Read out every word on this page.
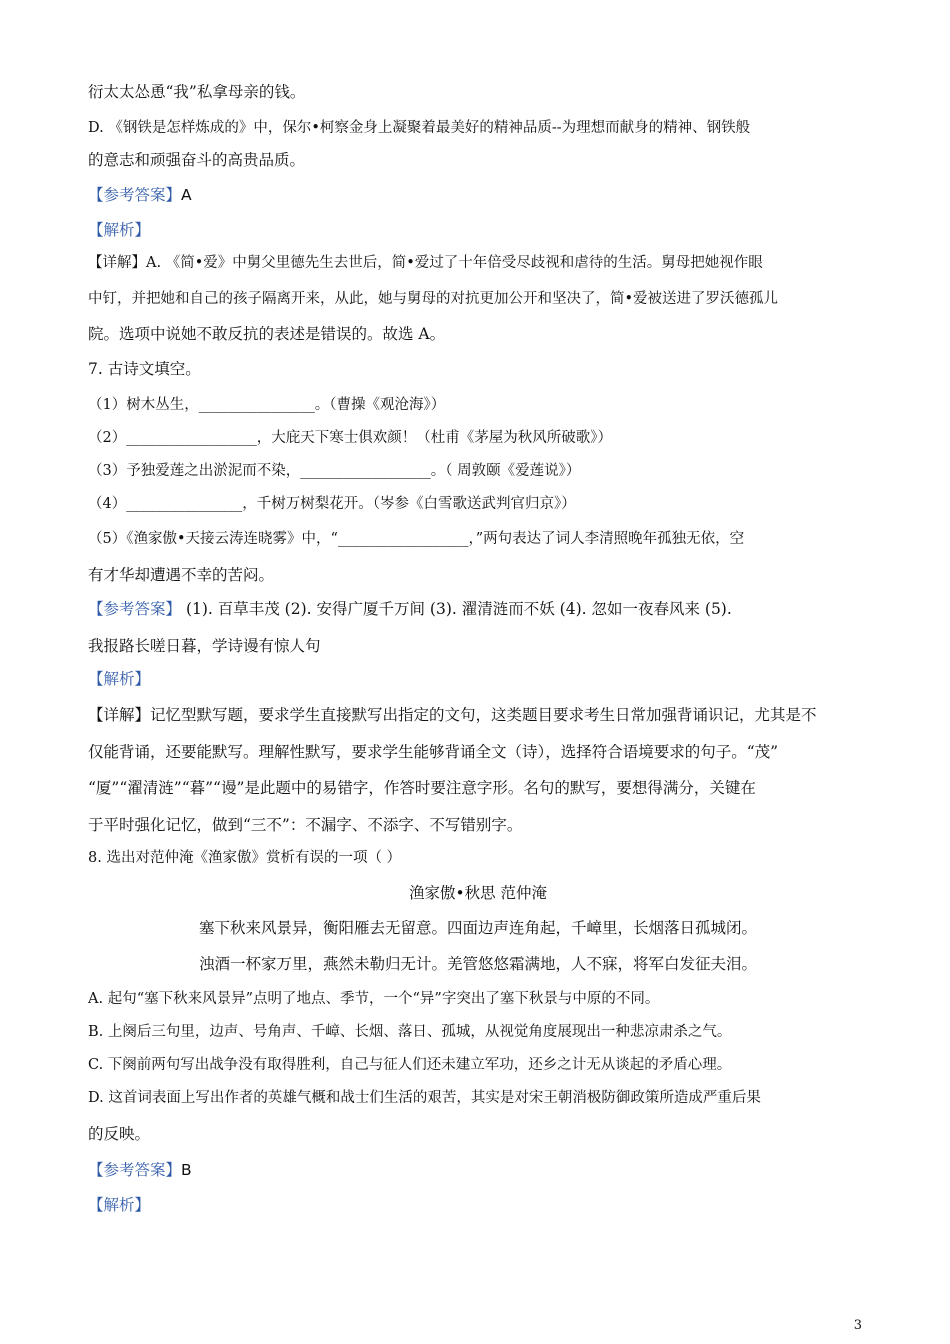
衍太太怂恿“我”私拿母亲的钱。
D. 《钢铁是怎样炼成的》中，保尔•柯察金身上凝聚着最美好的精神品质--为理想而献身的精神、钢铁般
的意志和顽强奋斗的高贵品质。
【参考答案】A
【解析】
【详解】A. 《简•爱》中舅父里德先生去世后，简•爱过了十年倍受尽歧视和虐待的生活。舅母把她视作眼
中钉，并把她和自己的孩子隔离开来，从此，她与舅母的对抗更加公开和坚决了，简•爱被送进了罗沃德孤儿
院。选项中说她不敢反抗的表述是错误的。故选 A。
7. 古诗文填空。
（1）树木丛生，________________。（曹操《观沧海》）
（2）__________________，大庇天下寒士俱欢颜！（杜甫《茅屋为秋风所破歌》）
（3）予独爱莲之出淤泥而不染，__________________。（ 周敦颐《爱莲说》）
（4）________________，千树万树梨花开。（岑参《白雪歌送武判官归京》）
（5）《渔家傲•天接云涛连晓雾》中，“__________________，”两句表达了词人李清照晚年孤独无依，空
有才华却遭遇不幸的苦闷。
【参考答案】 (1). 百草丰茂 (2). 安得广厦千万间 (3). 濯清涟而不妖 (4). 忽如一夜春风来 (5).
我报路长嗟日暮，学诗谩有惊人句
【解析】
【详解】记忆型默写题，要求学生直接默写出指定的文句，这类题目要求考生日常加强背诵识记，尤其是不
仅能背诵，还要能默写。理解性默写，要求学生能够背诵全文（诗），选择符合语境要求的句子。“茂”
“厦”“濯清涟”“暮”“谩”是此题中的易错字，作答时要注意字形。名句的默写，要想得满分，关键在
于平时强化记忆，做到“三不”：不漏字、不添字、不写错别字。
8. 选出对范仲淹《渔家傲》赏析有误的一项（ ）
渔家傲•秋思 范仲淹
塞下秋来风景异，衡阳雁去无留意。四面边声连角起，千嶂里，长烟落日孤城闭。
浊酒一杯家万里，燕然未勒归无计。羌管悠悠霜满地，人不寐，将军白发征夫泪。
A. 起句“塞下秋来风景异”点明了地点、季节，一个“异”字突出了塞下秋景与中原的不同。
B. 上阕后三句里，边声、号角声、千嶂、长烟、落日、孤城，从视觉角度展现出一种悲凉肃杀之气。
C. 下阕前两句写出战争没有取得胜利，自己与征人们还未建立军功，还乡之计无从谈起的矛盾心理。
D. 这首词表面上写出作者的英雄气概和战士们生活的艰苦，其实是对宋王朝消极防御政策所造成严重后果
的反映。
【参考答案】B
【解析】
3
